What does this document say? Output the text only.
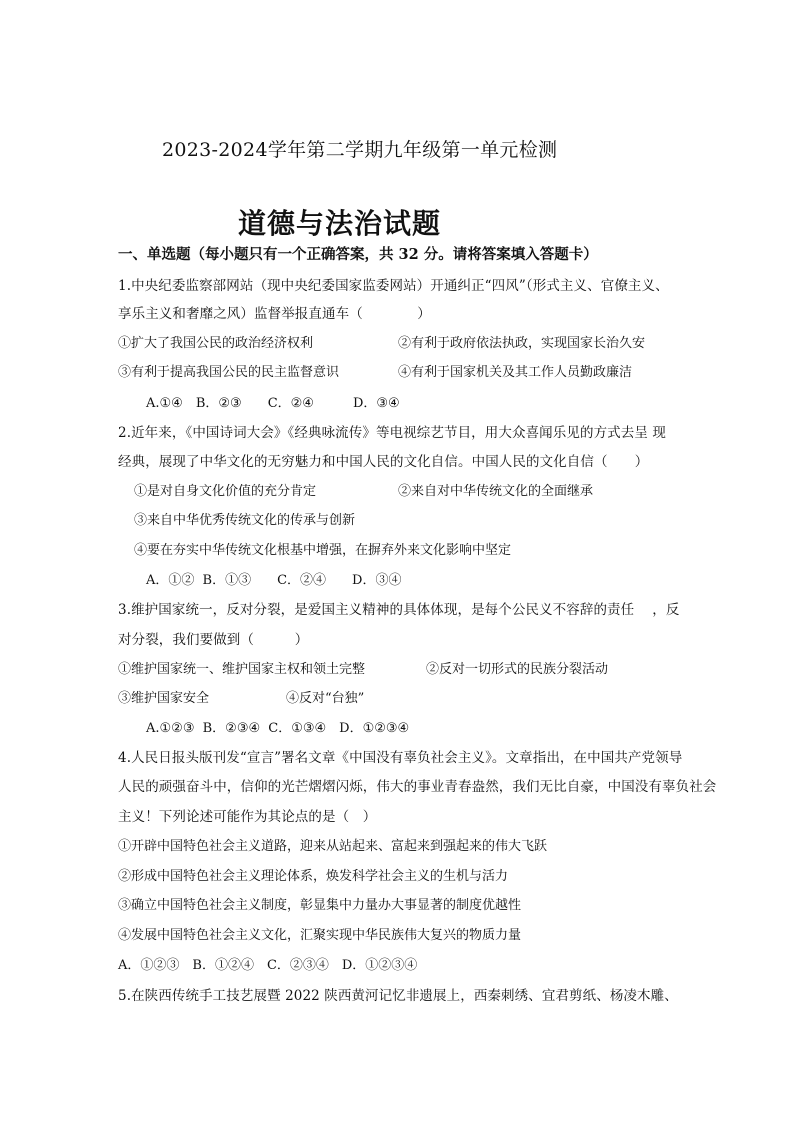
2023-2024学年第二学期九年级第一单元检测
道德与法治试题
一、单选题（每小题只有一个正确答案，共 32 分。请将答案填入答题卡）
1.中央纪委监察部网站（现中央纪委国家监委网站）开通纠正“四风”（形式主义、官僚主义、
享乐主义和奢靡之风）监督举报直通车（　　　　）
①扩大了我国公民的政治经济权利	②有利于政府依法执政，实现国家长治久安
③有利于提高我国公民的民主监督意识	④有利于国家机关及其工作人员勤政廉洁
A.①④　B．②③　　C．②④　　　D．③④
2.近年来，《中国诗词大会》《经典咏流传》等电视综艺节目，用大众喜闻乐见的方式去呈 现
经典，展现了中华文化的无穷魅力和中国人民的文化自信。中国人民的文化自信（　　）
①是对自身文化价值的充分肯定	②来自对中华传统文化的全面继承
③来自中华优秀传统文化的传承与创新
④要在夯实中华传统文化根基中增强，在摒弃外来文化影响中坚定
A．①② B．①③　　C．②④　　D．③④
3.维护国家统一，反对分裂，是爱国主义精神的具体体现，是每个公民义不容辞的责任　 ，反
对分裂，我们要做到（　　　）
①维护国家统一、维护国家主权和领土完整	②反对一切形式的民族分裂活动
③维护国家安全	④反对“台独”
A.①②③ B．②③④ C．①③④　D．①②③④
4.人民日报头版刊发“宣言”署名文章《中国没有辜负社会主义》。文章指出，在中国共产党领导
人民的顽强奋斗中，信仰的光芒熠熠闪烁，伟大的事业青春盎然，我们无比自豪，中国没有辜负社会
主义！下列论述可能作为其论点的是（　）
①开辟中国特色社会主义道路，迎来从站起来、富起来到强起来的伟大飞跃
②形成中国特色社会主义理论体系，焕发科学社会主义的生机与活力
③确立中国特色社会主义制度，彰显集中力量办大事显著的制度优越性
④发展中国特色社会主义文化，汇聚实现中华民族伟大复兴的物质力量
A．①②③　B．①②④　C．②③④　D．①②③④
5.在陕西传统手工技艺展暨 2022 陕西黄河记忆非遗展上，西秦刺绣、宜君剪纸、杨凌木雕、
